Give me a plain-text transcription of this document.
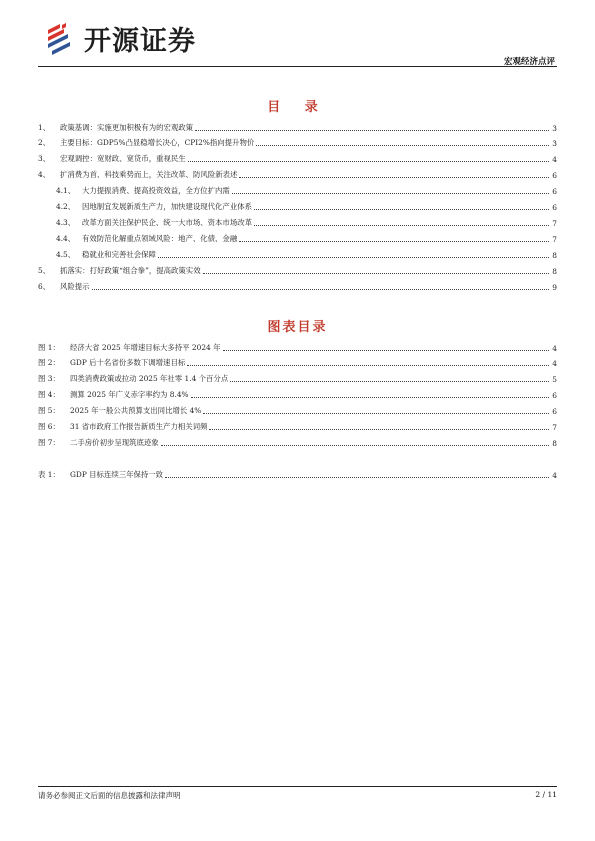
开源证券
宏观经济点评
目 录
1、	政策基调：实施更加积极有为的宏观政策	3
2、	主要目标：GDP5%凸显稳增长决心，CPI2%指向提升物价	3
3、	宏观调控：宽财政、宽货币，重视民生	4
4、	扩消费为首、科技乘势而上，关注改革、防风险新表述	6
4.1、 大力提振消费、提高投资效益，全方位扩内需	6
4.2、 因地制宜发展新质生产力，加快建设现代化产业体系	6
4.3、 改革方面关注保护民企、统一大市场、资本市场改革	7
4.4、 有效防范化解重点领域风险：地产、化债、金融	7
4.5、 稳就业和完善社会保障	8
5、	抓落实：打好政策“组合拳”，提高政策实效	8
6、	风险提示	9
图表目录
图 1：	经济大省 2025 年增速目标大多持平 2024 年	4
图 2：	GDP 后十名省份多数下调增速目标	4
图 3：	四类消费政策或拉动 2025 年社零 1.4 个百分点	5
图 4：	测算 2025 年广义赤字率约为 8.4%	6
图 5：	2025 年一般公共预算支出同比增长 4%	6
图 6：	31 省市政府工作报告新质生产力相关词频	7
图 7：	二手房价初步呈现筑底迹象	8
表 1：	GDP 目标连续三年保持一致	4
请务必参阅正文后面的信息披露和法律声明	2 / 11
